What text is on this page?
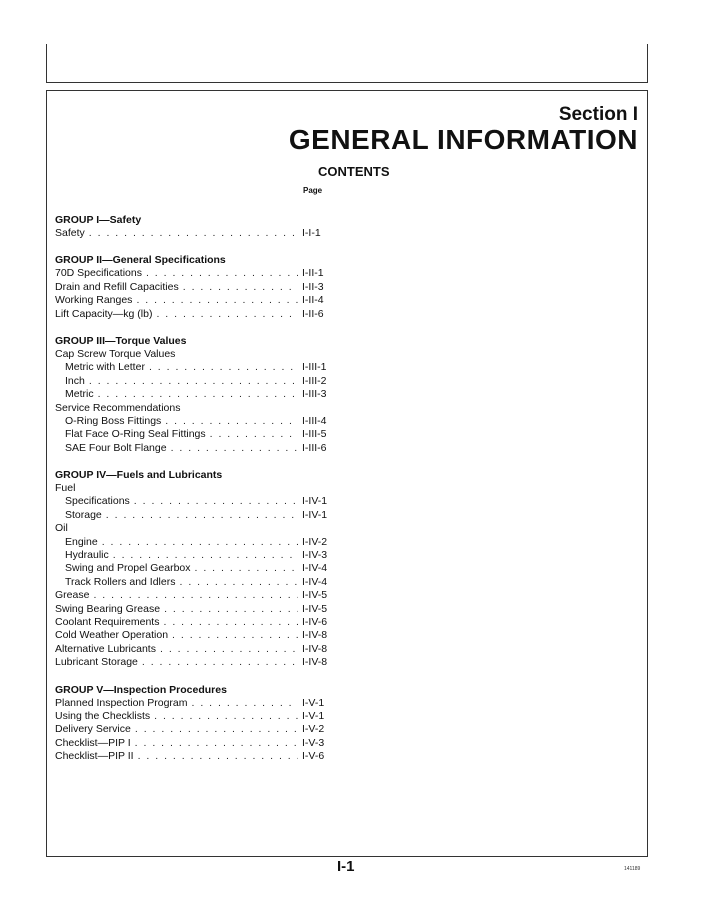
Section I
GENERAL INFORMATION
CONTENTS
Page
GROUP I—Safety
Safety . . .	I-I-1
GROUP II—General Specifications
70D Specifications . . .	I-II-1
Drain and Refill Capacities . . .	I-II-3
Working Ranges . . .	I-II-4
Lift Capacity—kg (lb) . . .	I-II-6
GROUP III—Torque Values
Cap Screw Torque Values
Metric with Letter . . .	I-III-1
Inch . . .	I-III-2
Metric . . .	I-III-3
Service Recommendations
O-Ring Boss Fittings . . .	I-III-4
Flat Face O-Ring Seal Fittings . . .	I-III-5
SAE Four Bolt Flange . . .	I-III-6
GROUP IV—Fuels and Lubricants
Fuel
Specifications . . .	I-IV-1
Storage . . .	I-IV-1
Oil
Engine . . .	I-IV-2
Hydraulic . . .	I-IV-3
Swing and Propel Gearbox . . .	I-IV-4
Track Rollers and Idlers . . .	I-IV-4
Grease . . .	I-IV-5
Swing Bearing Grease . . .	I-IV-5
Coolant Requirements . . .	I-IV-6
Cold Weather Operation . . .	I-IV-8
Alternative Lubricants . . .	I-IV-8
Lubricant Storage . . .	I-IV-8
GROUP V—Inspection Procedures
Planned Inspection Program . . .	I-V-1
Using the Checklists . . .	I-V-1
Delivery Service . . .	I-V-2
Checklist—PIP I . . .	I-V-3
Checklist—PIP II . . .	I-V-6
I-1	141189
